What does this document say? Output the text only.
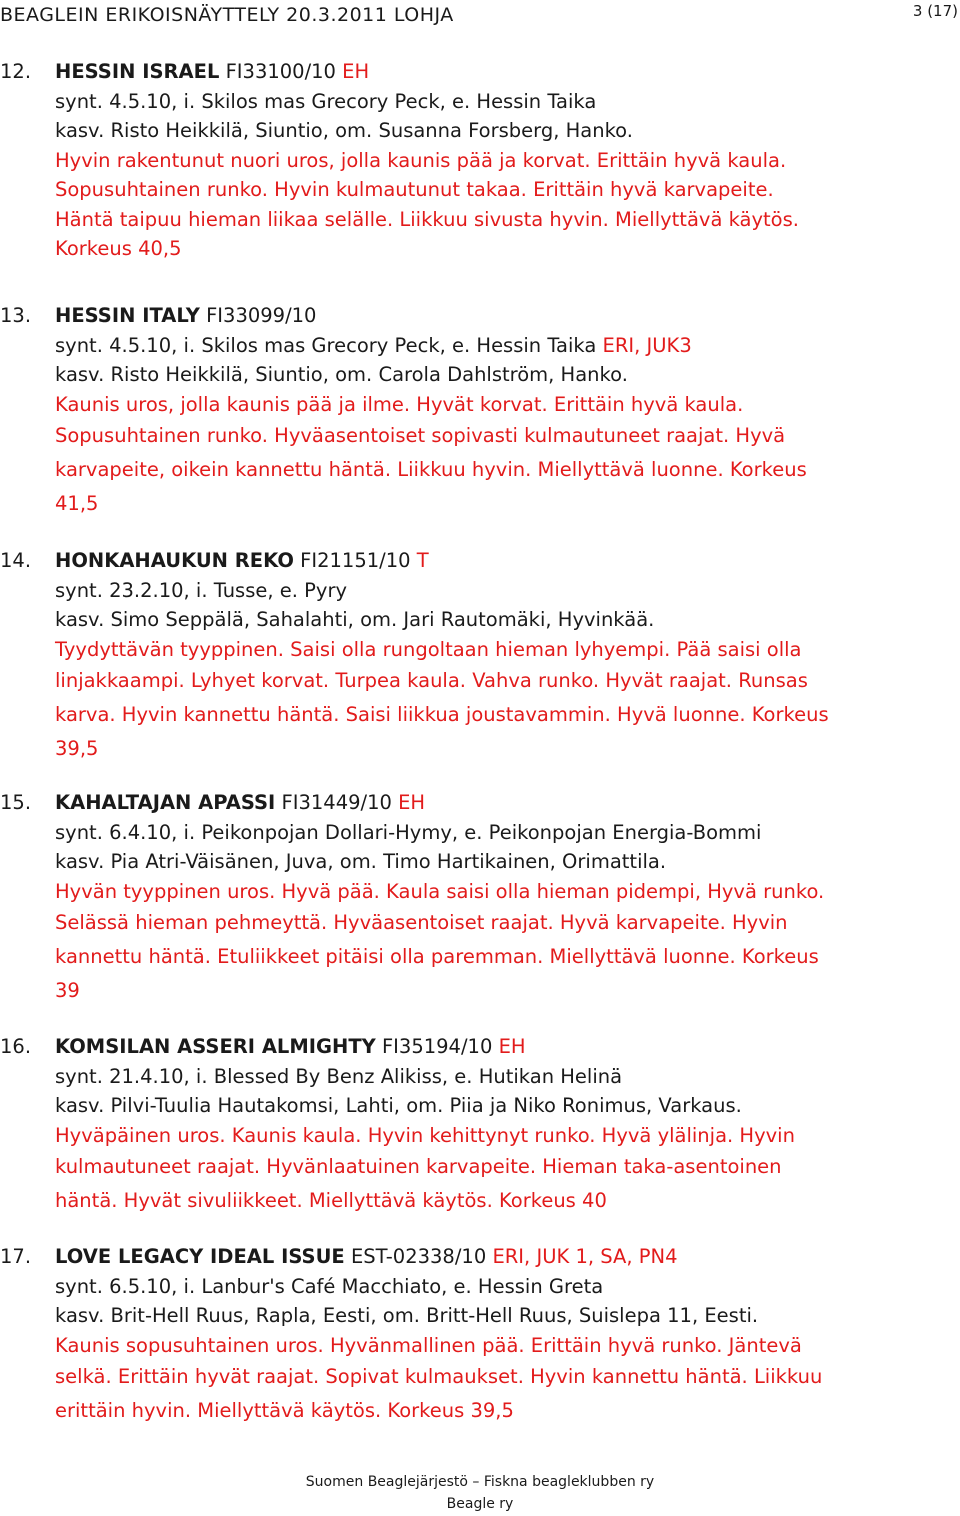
BEAGLEIN ERIKOISNÄYTTELY 20.3.2011 LOHJA	3 (17)
12. HESSIN ISRAEL FI33100/10 EH
synt. 4.5.10, i. Skilos mas Grecory Peck, e. Hessin Taika
kasv. Risto Heikkilä, Siuntio, om. Susanna Forsberg, Hanko.
Hyvin rakentunut nuori uros, jolla kaunis pää ja korvat. Erittäin hyvä kaula.
Sopusuhtainen runko. Hyvin kulmautunut takaa. Erittäin hyvä karvapeite.
Häntä taipuu hieman liikaa selälle. Liikkuu sivusta hyvin. Miellyttävä käytös.
Korkeus 40,5
13. HESSIN ITALY FI33099/10
synt. 4.5.10, i. Skilos mas Grecory Peck, e. Hessin Taika ERI, JUK3
kasv. Risto Heikkilä, Siuntio, om. Carola Dahlström, Hanko.
Kaunis uros, jolla kaunis pää ja ilme. Hyvät korvat. Erittäin hyvä kaula.
Sopusuhtainen runko. Hyväasentoiset sopivasti kulmautuneet raajat. Hyvä
karvapeite, oikein kannettu häntä. Liikkuu hyvin. Miellyttävä luonne. Korkeus
41,5
14. HONKAHAUKUN REKO FI21151/10 T
synt. 23.2.10, i. Tusse, e. Pyry
kasv. Simo Seppälä, Sahalahti, om. Jari Rautomäki, Hyvinkää.
Tyydyttävän tyyppinen. Saisi olla rungoltaan hieman lyhyempi. Pää saisi olla
linjakkaampi. Lyhyet korvat. Turpea kaula. Vahva runko. Hyvät raajat. Runsas
karva. Hyvin kannettu häntä. Saisi liikkua joustavammin. Hyvä luonne. Korkeus
39,5
15. KAHALTAJAN APASSI FI31449/10 EH
synt. 6.4.10, i. Peikonpojan Dollari-Hymy, e. Peikonpojan Energia-Bommi
kasv. Pia Atri-Väisänen, Juva, om. Timo Hartikainen, Orimattila.
Hyvän tyyppinen uros. Hyvä pää. Kaula saisi olla hieman pidempi, Hyvä runko.
Selässä hieman pehmeyttä. Hyväasentoiset raajat. Hyvä karvapeite. Hyvin
kannettu häntä. Etuliikkeet pitäisi olla paremman. Miellyttävä luonne. Korkeus
39
16. KOMSILAN ASSERI ALMIGHTY FI35194/10 EH
synt. 21.4.10, i. Blessed By Benz Alikiss, e. Hutikan Helinä
kasv. Pilvi-Tuulia Hautakomsi, Lahti, om. Piia ja Niko Ronimus, Varkaus.
Hyväpäinen uros. Kaunis kaula. Hyvin kehittynyt runko. Hyvä ylälinja. Hyvin
kulmautuneet raajat. Hyvänlaatuinen karvapeite. Hieman taka-asentoinen
häntä. Hyvät sivuliikkeet. Miellyttävä käytös. Korkeus 40
17. LOVE LEGACY IDEAL ISSUE EST-02338/10 ERI, JUK 1, SA, PN4
synt. 6.5.10, i. Lanbur's Café Macchiato, e. Hessin Greta
kasv. Brit-Hell Ruus, Rapla, Eesti, om. Britt-Hell Ruus, Suislepa 11, Eesti.
Kaunis sopusuhtainen uros. Hyvänmallinen pää. Erittäin hyvä runko. Jäntevä
selkä. Erittäin hyvät raajat. Sopivat kulmaukset. Hyvin kannettu häntä. Liikkuu
erittäin hyvin. Miellyttävä käytös. Korkeus 39,5
Suomen Beaglejärjestö – Fiskna beagleklubben ry
Beagle ry
